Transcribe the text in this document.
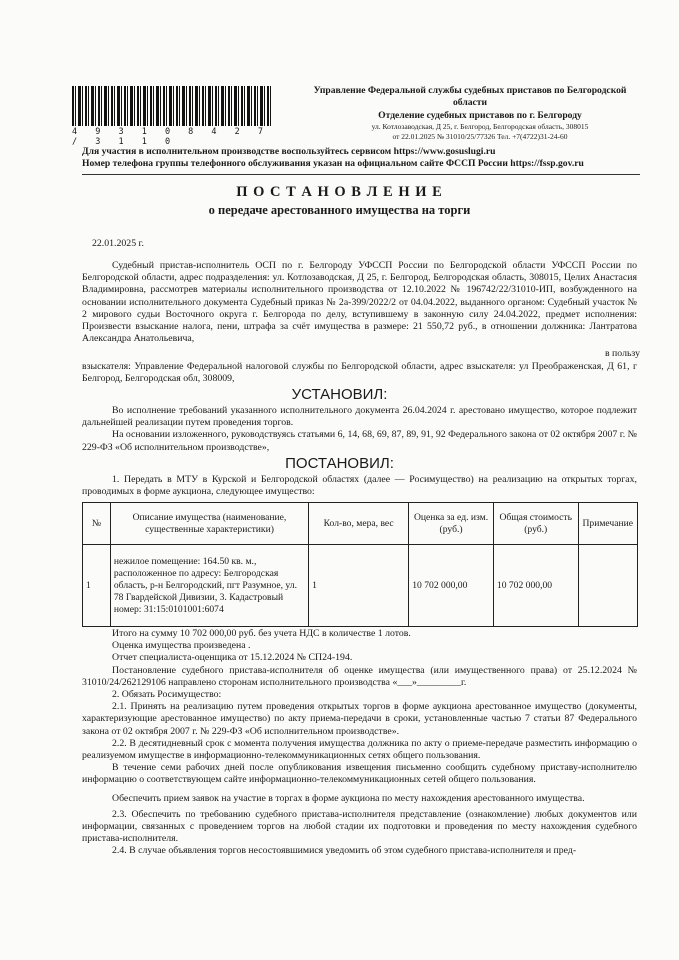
4 9 3 1 0 8 4 2 7 / 3 1 1 0
Управление Федеральной службы судебных приставов по Белгородской
области
Отделение судебных приставов по г. Белгороду
ул. Котлозаводская, Д 25, г. Белгород, Белгородская область, 308015
от 22.01.2025 № 31010/25/77326 Тел. +7(4722)31-24-60
Для участия в исполнительном производстве воспользуйтесь сервисом https://www.gosuslugi.ru
Номер телефона группы телефонного обслуживания указан на официальном сайте ФССП России https://fssp.gov.ru
П О С Т А Н О В Л Е Н И Е
о передаче арестованного имущества на торги
22.01.2025 г.

Судебный пристав-исполнитель ОСП по г. Белгороду УФССП России по Белгородской области УФССП России по Белгородской области, адрес подразделения: ул. Котлозаводская, Д 25, г. Белгород, Белгородская область, 308015, Целих Анастасия Владимировна, рассмотрев материалы исполнительного производства от 12.10.2022 № 196742/22/31010-ИП, возбужденного на основании исполнительного документа Судебный приказ № 2а-399/2022/2 от 04.04.2022, выданного органом: Судебный участок № 2 мирового судьи Восточного округа г. Белгорода по делу, вступившему в законную силу 24.04.2022, предмет исполнения: Произвести взыскание налога, пени, штрафа за счёт имущества в размере: 21 550,72 руб., в отношении должника: Лантратова Александра Анатольевича,

в пользу
взыскателя: Управление Федеральной налоговой службы по Белгородской области, адрес взыскателя: ул Преображенская, Д 61, г Белгород, Белгородская обл, 308009,
УСТАНОВИЛ:

Во исполнение требований указанного исполнительного документа 26.04.2024 г. арестовано имущество, которое подлежит дальнейшей реализации путем проведения торгов.

На основании изложенного, руководствуясь статьями 6, 14, 68, 69, 87, 89, 91, 92 Федерального закона от 02 октября 2007 г. № 229-ФЗ «Об исполнительном производстве»,

ПОСТАНОВИЛ:

1. Передать в МТУ в Курской и Белгородской областях (далее — Росимущество) на реализацию на открытых торгах, проводимых в форме аукциона, следующее имущество:

№	Описание имущества (наименование, существенные характеристики)	Кол-во, мера, вес	Оценка за ед. изм. (руб.)	Общая стоимость (руб.)	Примечание
1	нежилое помещение: 164.50 кв. м., расположенное по адресу: Белгородская область, р-н Белгородский, пгт Разумное, ул. 78 Гвардейской Дивизии, 3. Кадастровый номер: 31:15:0101001:6074	1	10 702 000,00	10 702 000,00	

Итого на сумму 10 702 000,00 руб. без учета НДС в количестве 1 лотов.

Оценка имущества произведена .

Отчет специалиста-оценщика от 15.12.2024 № СП24-194.

Постановление судебного пристава-исполнителя об оценке имущества (или имущественного права) от 25.12.2024 № 31010/24/262129106 направлено сторонам исполнительного производства «___»_________г.

2. Обязать Росимущество:

2.1. Принять на реализацию путем проведения открытых торгов в форме аукциона арестованное имущество (документы, характеризующие арестованное имущество) по акту приема-передачи в сроки, установленные частью 7 статьи 87 Федерального закона от 02 октября 2007 г. № 229-ФЗ «Об исполнительном производстве».

2.2. В десятидневный срок с момента получения имущества должника по акту о приеме-передаче разместить информацию о реализуемом имуществе в информационно-телекоммуникационных сетях общего пользования.

В течение семи рабочих дней после опубликования извещения письменно сообщить судебному приставу-исполнителю информацию о соответствующем сайте информационно-телекоммуникационных сетей общего пользования.

Обеспечить прием заявок на участие в торгах в форме аукциона по месту нахождения арестованного имущества.

2.3. Обеспечить по требованию судебного пристава-исполнителя представление (ознакомление) любых документов или информации, связанных с проведением торгов на любой стадии их подготовки и проведения по месту нахождения судебного пристава-исполнителя.

2.4. В случае объявления торгов несостоявшимися уведомить об этом судебного пристава-исполнителя и пред-
